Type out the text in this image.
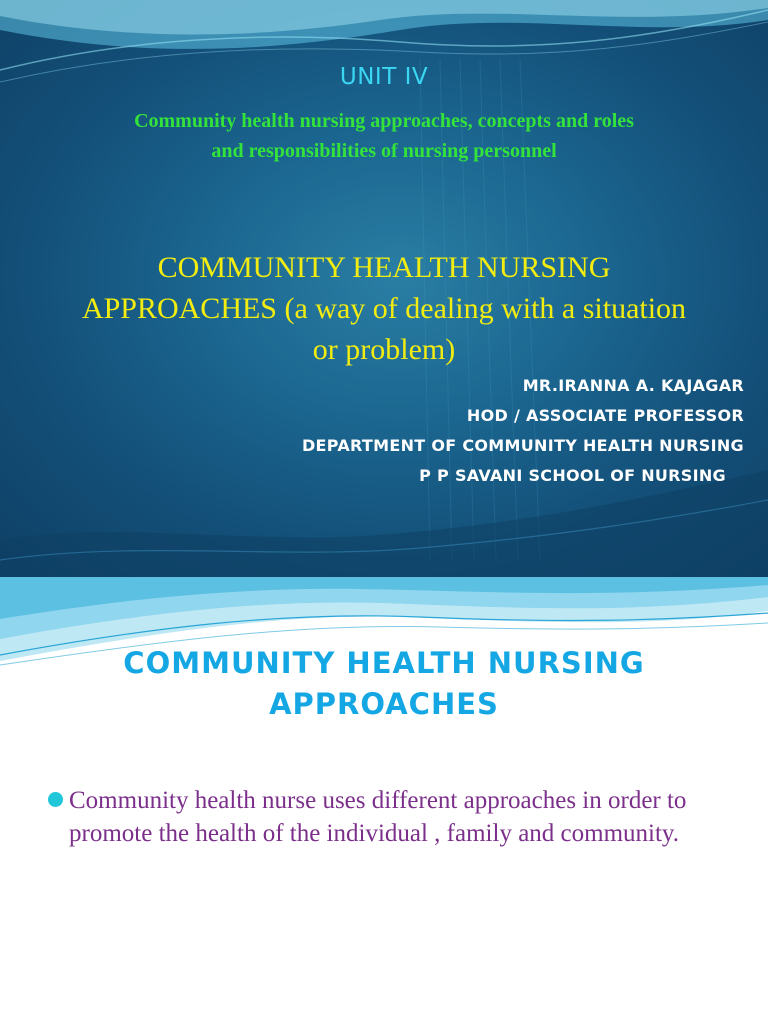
UNIT IV
Community health nursing approaches, concepts and roles
and responsibilities of nursing personnel
COMMUNITY HEALTH NURSING
APPROACHES (a way of dealing with a situation
or problem)
MR.IRANNA A. KAJAGAR
HOD / ASSOCIATE PROFESSOR
DEPARTMENT OF COMMUNITY HEALTH NURSING
P P SAVANI SCHOOL OF NURSING
COMMUNITY HEALTH NURSING
APPROACHES
Community health nurse uses different approaches in order to promote the health of the individual , family and community.
